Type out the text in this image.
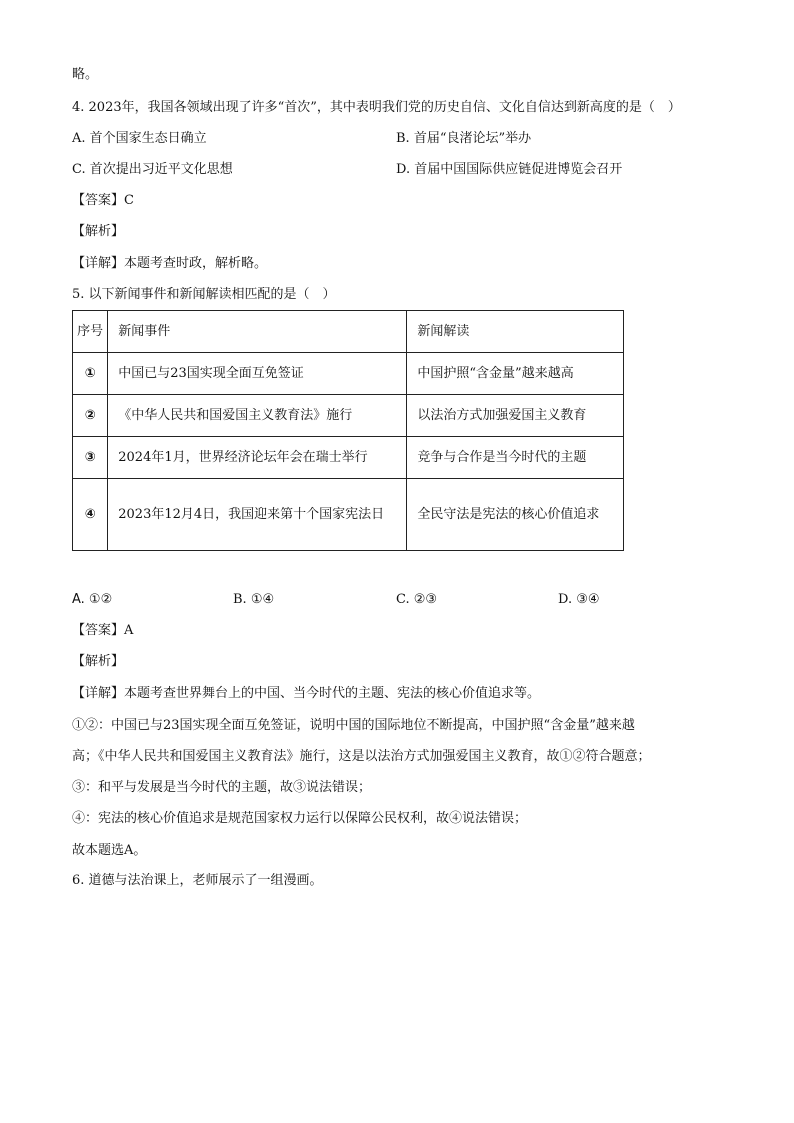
略。
4. 2023年，我国各领域出现了许多“首次”，其中表明我们党的历史自信、文化自信达到新高度的是（　）
A. 首个国家生态日确立	B. 首届“良渚论坛”举办
C. 首次提出习近平文化思想	D. 首届中国国际供应链促进博览会召开
【答案】C
【解析】
【详解】本题考查时政，解析略。
5. 以下新闻事件和新闻解读相匹配的是（　）
序号	新闻事件	新闻解读
①	中国已与23国实现全面互免签证	中国护照“含金量”越来越高
②	《中华人民共和国爱国主义教育法》施行	以法治方式加强爱国主义教育
③	2024年1月，世界经济论坛年会在瑞士举行	竞争与合作是当今时代的主题
④	2023年12月4日，我国迎来第十个国家宪法日	全民守法是宪法的核心价值追求
A. ①②	B. ①④	C. ②③	D. ③④
【答案】A
【解析】
【详解】本题考查世界舞台上的中国、当今时代的主题、宪法的核心价值追求等。
①②：中国已与23国实现全面互免签证，说明中国的国际地位不断提高，中国护照“含金量”越来越
高；《中华人民共和国爱国主义教育法》施行，这是以法治方式加强爱国主义教育，故①②符合题意；
③：和平与发展是当今时代的主题，故③说法错误；
④：宪法的核心价值追求是规范国家权力运行以保障公民权利，故④说法错误；
故本题选A。
6. 道德与法治课上，老师展示了一组漫画。
